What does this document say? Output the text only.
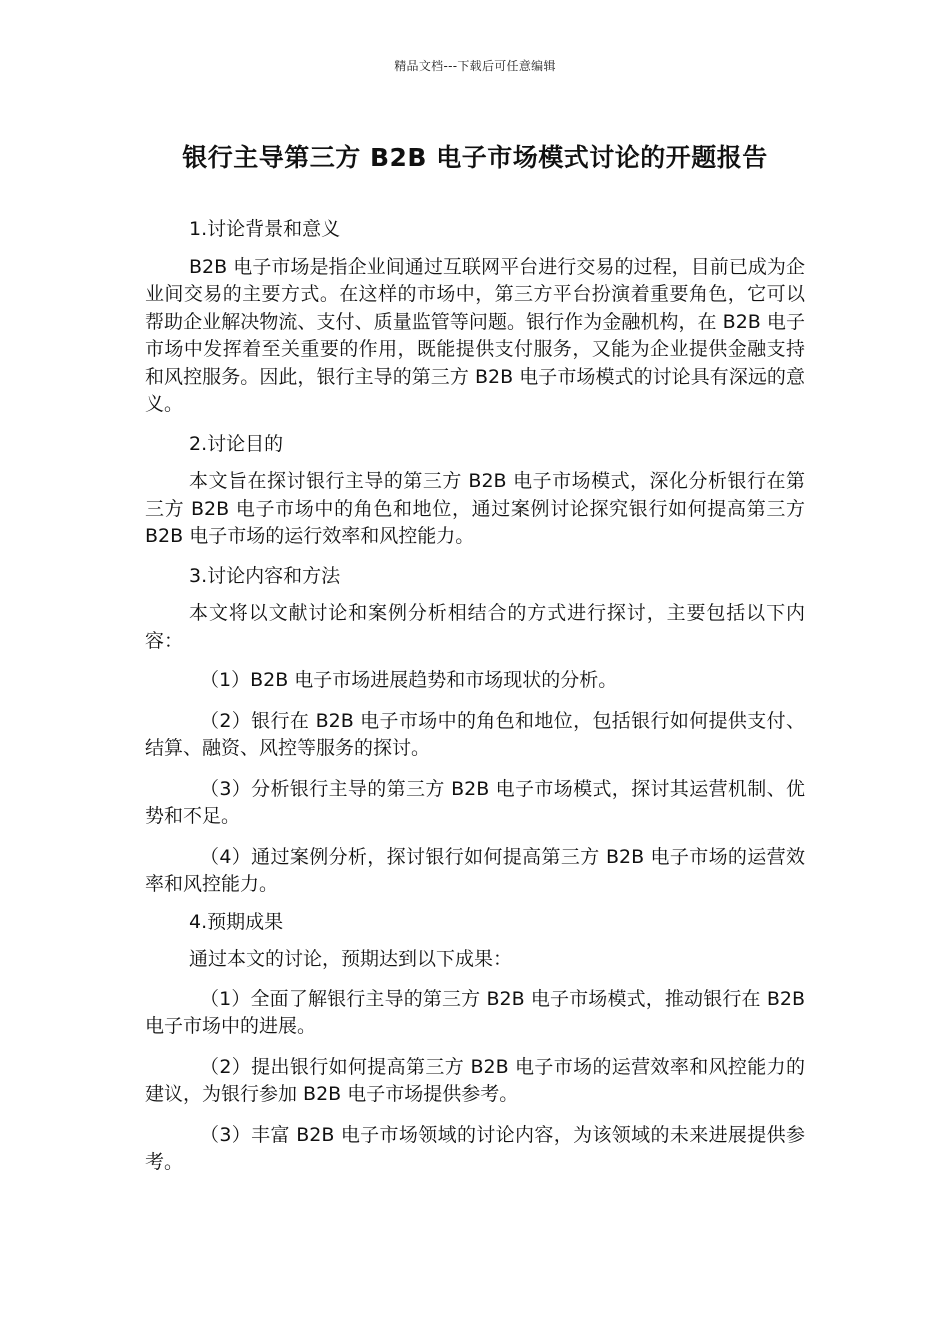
精品文档---下载后可任意编辑
银行主导第三方 B2B 电子市场模式讨论的开题报告

1.讨论背景和意义

B2B 电子市场是指企业间通过互联网平台进行交易的过程，目前已成为企业间交易的主要方式。在这样的市场中，第三方平台扮演着重要角色，它可以帮助企业解决物流、支付、质量监管等问题。银行作为金融机构，在 B2B 电子市场中发挥着至关重要的作用，既能提供支付服务，又能为企业提供金融支持和风控服务。因此，银行主导的第三方 B2B 电子市场模式的讨论具有深远的意义。

2.讨论目的

本文旨在探讨银行主导的第三方 B2B 电子市场模式，深化分析银行在第三方 B2B 电子市场中的角色和地位，通过案例讨论探究银行如何提高第三方 B2B 电子市场的运行效率和风控能力。

3.讨论内容和方法

本文将以文献讨论和案例分析相结合的方式进行探讨，主要包括以下内容：

（1）B2B 电子市场进展趋势和市场现状的分析。

（2）银行在 B2B 电子市场中的角色和地位，包括银行如何提供支付、结算、融资、风控等服务的探讨。

（3）分析银行主导的第三方 B2B 电子市场模式，探讨其运营机制、优势和不足。

（4）通过案例分析，探讨银行如何提高第三方 B2B 电子市场的运营效率和风控能力。

4.预期成果

通过本文的讨论，预期达到以下成果：

（1）全面了解银行主导的第三方 B2B 电子市场模式，推动银行在 B2B 电子市场中的进展。

（2）提出银行如何提高第三方 B2B 电子市场的运营效率和风控能力的建议，为银行参加 B2B 电子市场提供参考。

（3）丰富 B2B 电子市场领域的讨论内容，为该领域的未来进展提供参考。
